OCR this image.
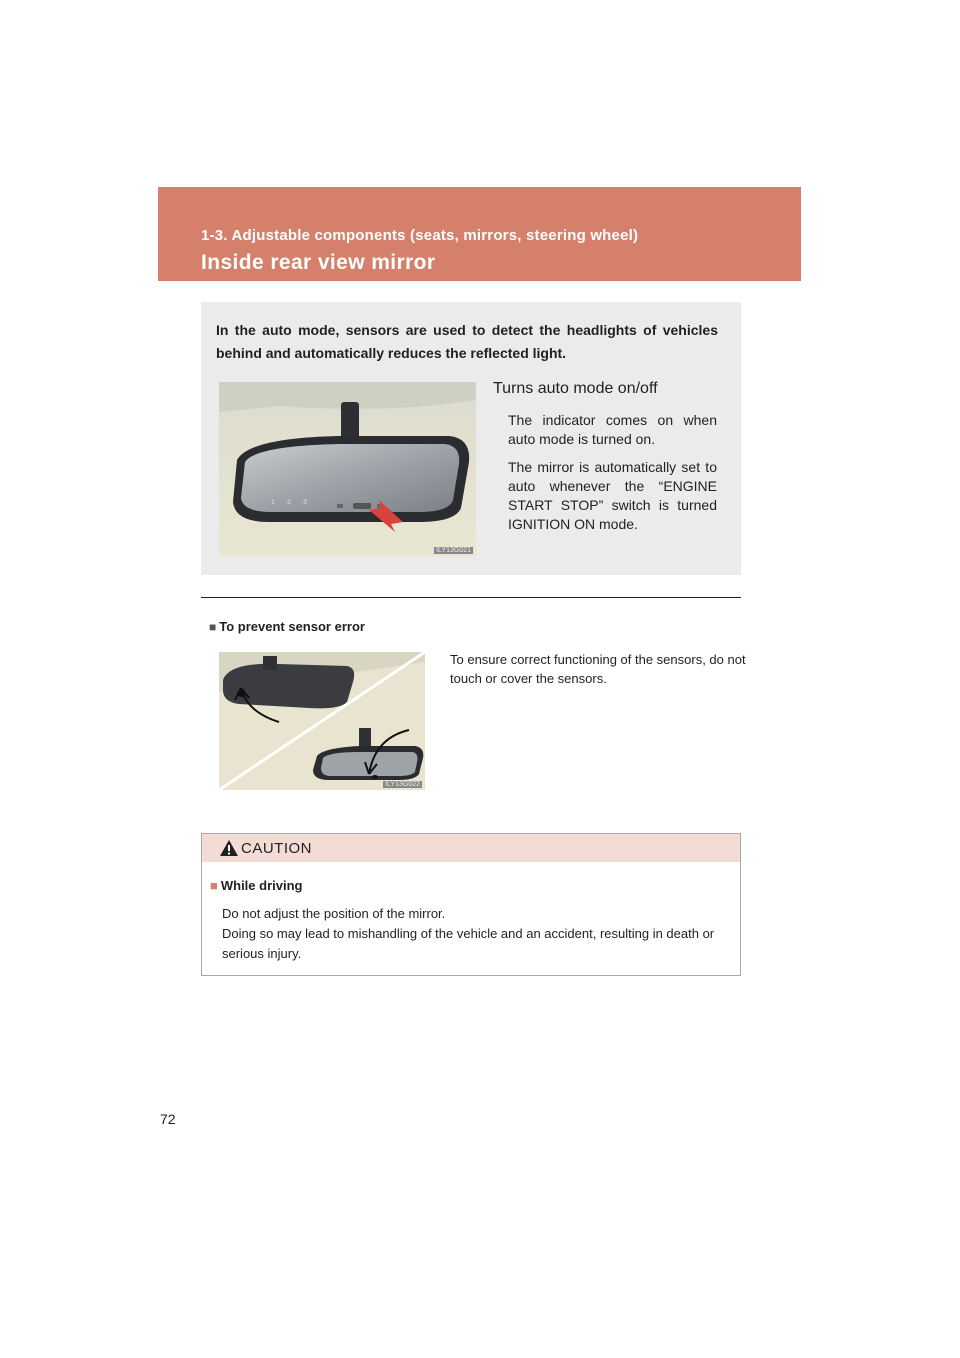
1-3. Adjustable components (seats, mirrors, steering wheel)
Inside rear view mirror
In the auto mode, sensors are used to detect the headlights of vehicles behind and automatically reduces the reflected light.
1 2 3
ILY13G021
Turns auto mode on/off
The indicator comes on when auto mode is turned on.
The mirror is automatically set to auto whenever the “ENGINE START STOP” switch is turned IGNITION ON mode.
■ To prevent sensor error
ILY13G022
To ensure correct functioning of the sensors, do not touch or cover the sensors.
CAUTION
■ While driving
Do not adjust the position of the mirror.
Doing so may lead to mishandling of the vehicle and an accident, resulting in death or serious injury.
72
